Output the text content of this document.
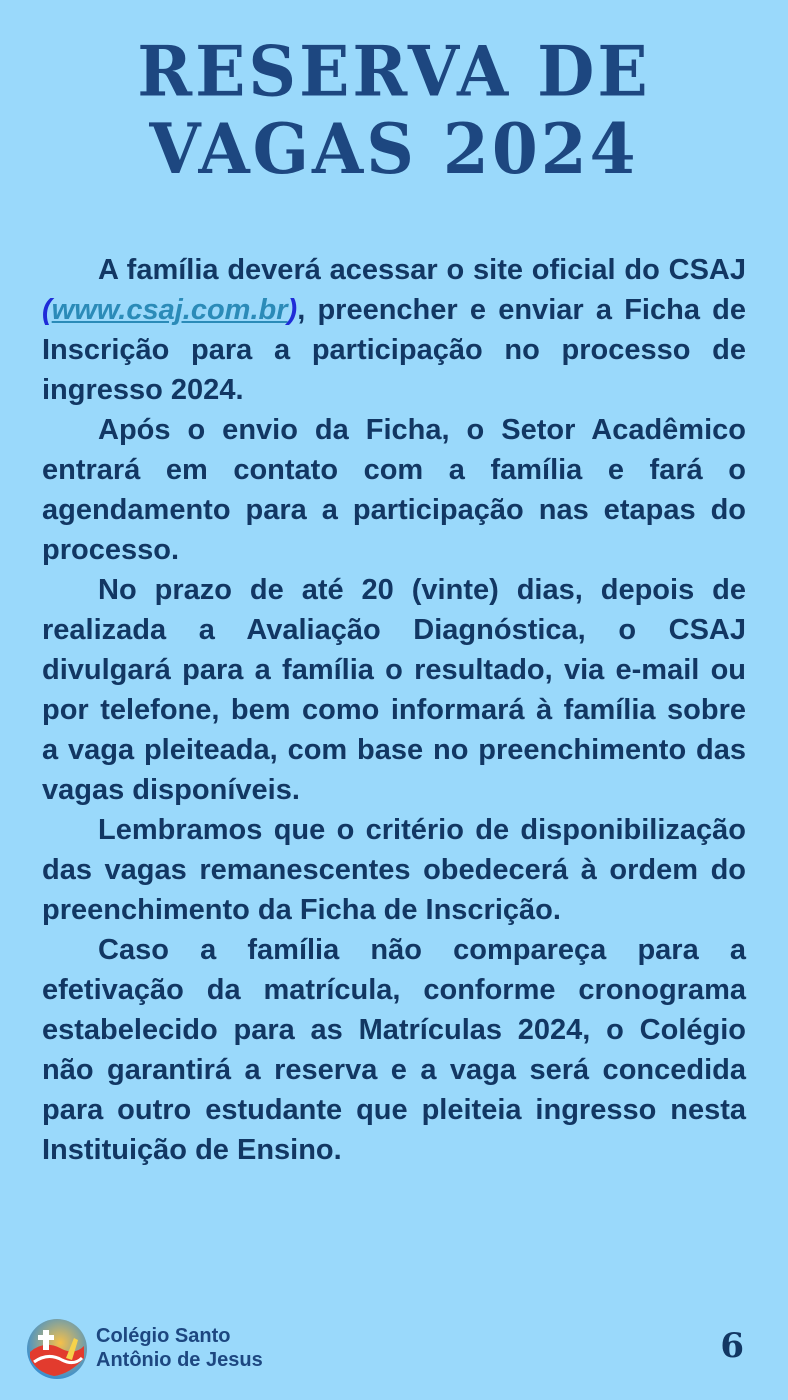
RESERVA DE
VAGAS 2024

A família deverá acessar o site oficial do CSAJ (www.csaj.com.br), preencher e enviar a Ficha de Inscrição para a participação no processo de ingresso 2024.

Após o envio da Ficha, o Setor Acadêmico entrará em contato com a família e fará o agendamento para a participação nas etapas do processo.

No prazo de até 20 (vinte) dias, depois de realizada a Avaliação Diagnóstica, o CSAJ divulgará para a família o resultado, via e-mail ou por telefone, bem como informará à família sobre a vaga pleiteada, com base no preenchimento das vagas disponíveis.

Lembramos que o critério de disponibilização das vagas remanescentes obedecerá à ordem do preenchimento da Ficha de Inscrição.

Caso a família não compareça para a efetivação da matrícula, conforme cronograma estabelecido para as Matrículas 2024, o Colégio não garantirá a reserva e a vaga será concedida para outro estudante que pleiteia ingresso nesta Instituição de Ensino.

Colégio Santo
Antônio de Jesus	6
